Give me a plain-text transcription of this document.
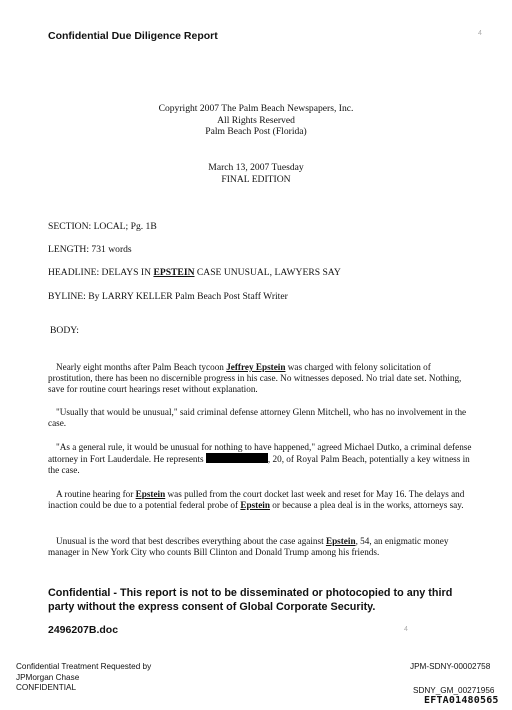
Confidential Due Diligence Report	4
Copyright 2007 The Palm Beach Newspapers, Inc.
All Rights Reserved
Palm Beach Post (Florida)
March 13, 2007 Tuesday
FINAL EDITION
SECTION: LOCAL; Pg. 1B
LENGTH: 731 words
HEADLINE: DELAYS IN EPSTEIN CASE UNUSUAL, LAWYERS SAY
BYLINE: By LARRY KELLER Palm Beach Post Staff Writer
BODY:
Nearly eight months after Palm Beach tycoon Jeffrey Epstein was charged with felony solicitation of prostitution, there has been no discernible progress in his case. No witnesses deposed. No trial date set. Nothing, save for routine court hearings reset without explanation.
"Usually that would be unusual," said criminal defense attorney Glenn Mitchell, who has no involvement in the case.
"As a general rule, it would be unusual for nothing to have happened," agreed Michael Dutko, a criminal defense attorney in Fort Lauderdale. He represents	, 20, of Royal Palm Beach, potentially a key witness in the case.
A routine hearing for Epstein was pulled from the court docket last week and reset for May 16. The delays and inaction could be due to a potential federal probe of Epstein or because a plea deal is in the works, attorneys say.
Unusual is the word that best describes everything about the case against Epstein, 54, an enigmatic money manager in New York City who counts Bill Clinton and Donald Trump among his friends.
Confidential - This report is not to be disseminated or photocopied to any third party without the express consent of Global Corporate Security.
2496207B.doc	4
Confidential Treatment Requested by
JPMorgan Chase
CONFIDENTIAL
JPM-SDNY-00002758
SDNY_GM_00271956
EFTA01480565
